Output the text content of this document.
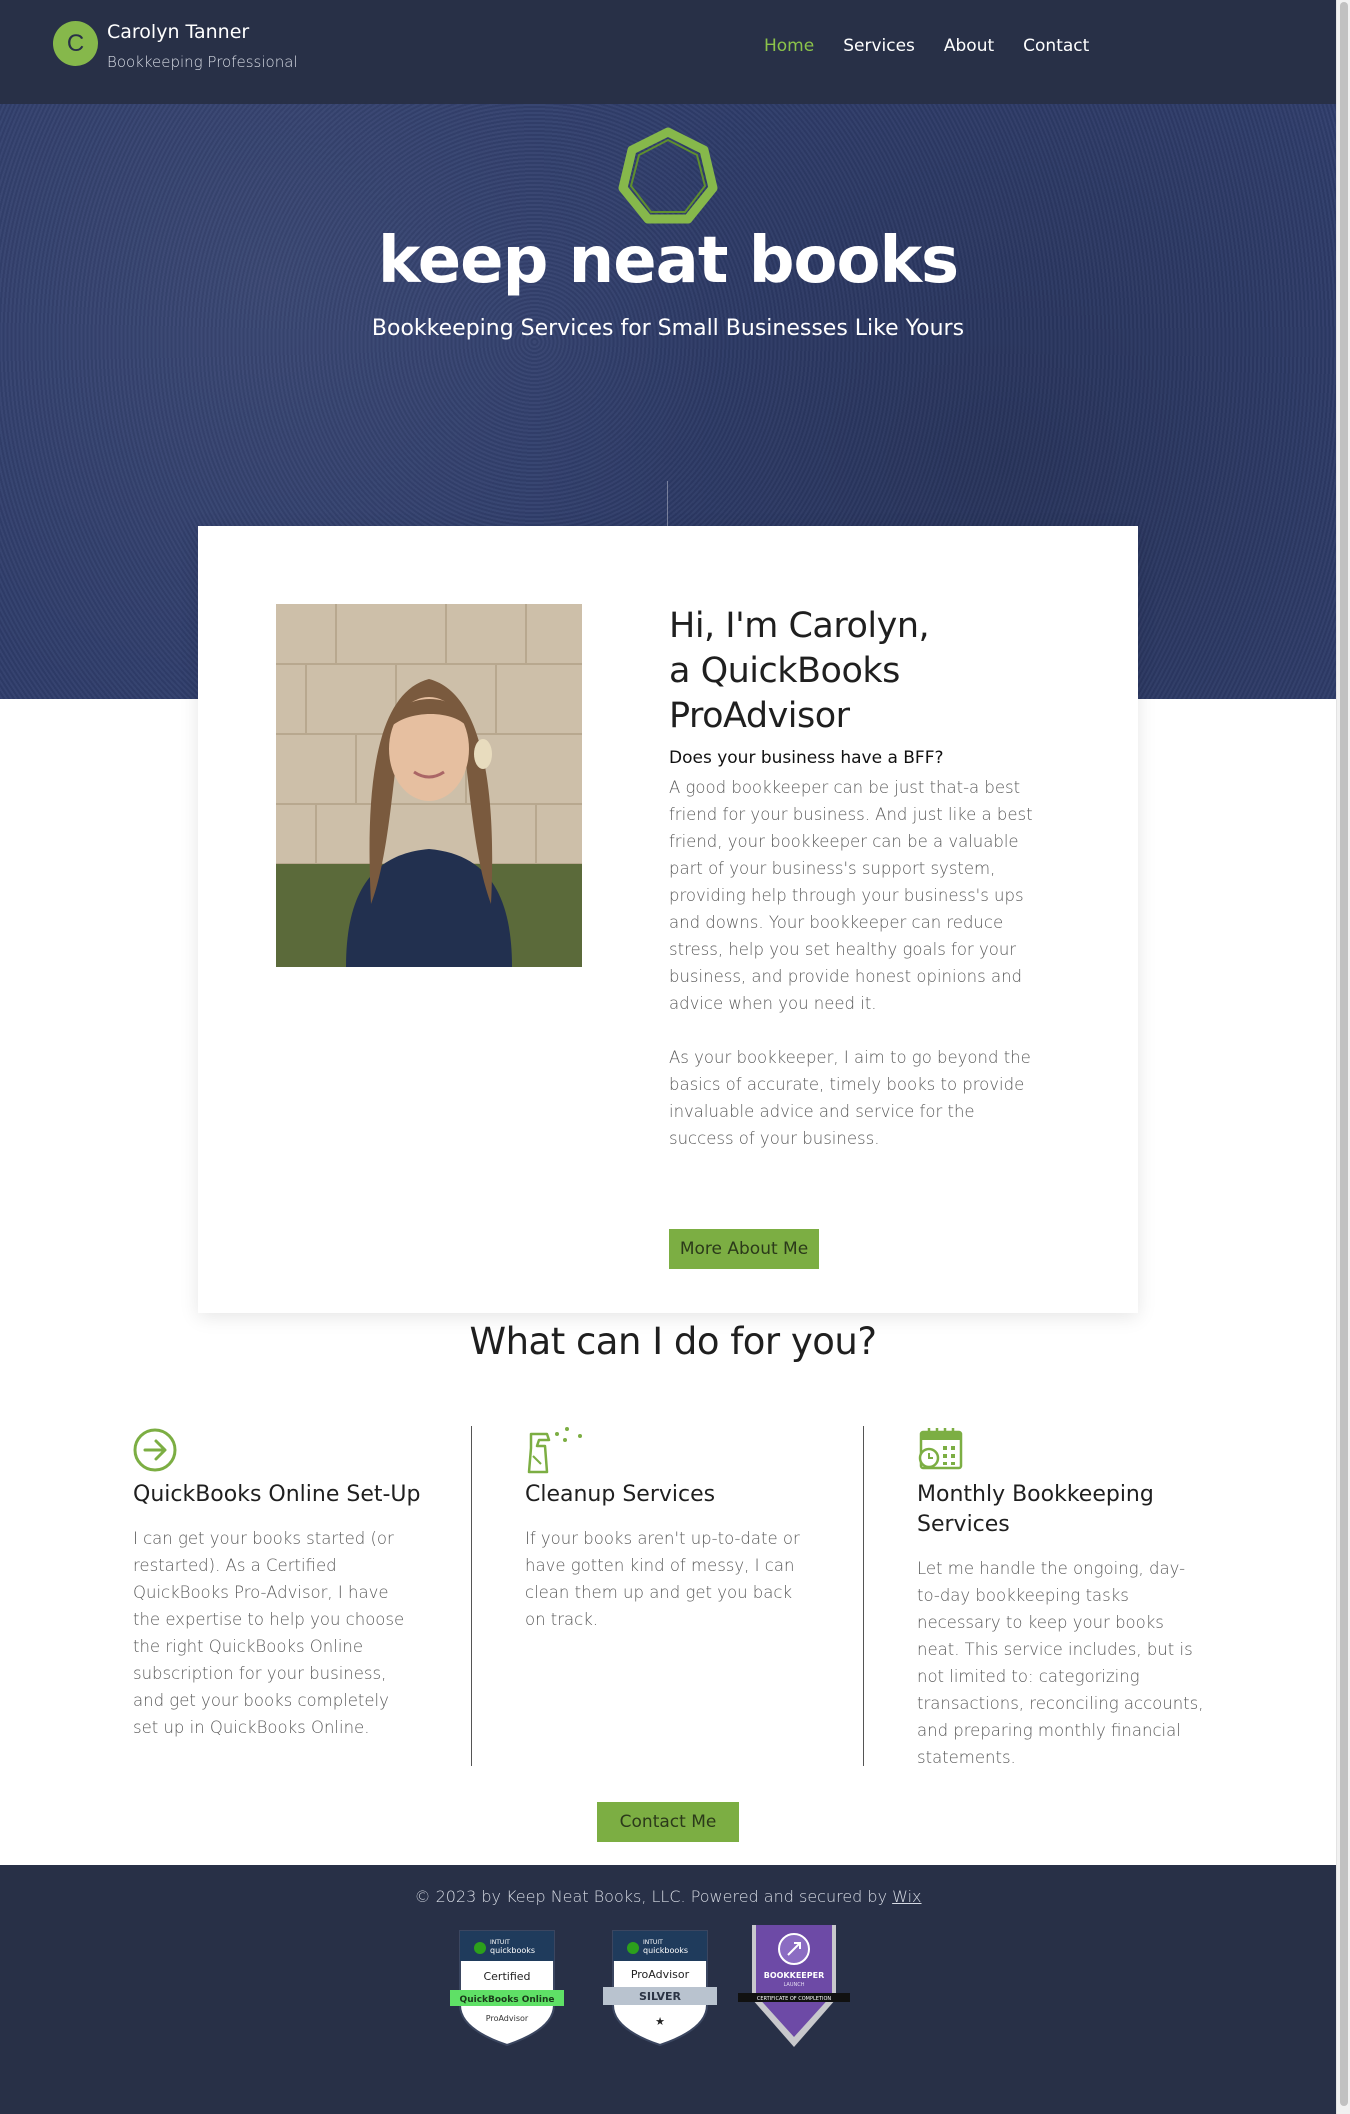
C	Carolyn Tanner
Bookkeeping Professional
Home Services About Contact
keep neat books
Bookkeeping Services for Small Businesses Like Yours
Hi, I'm Carolyn,
a QuickBooks ProAdvisor
Does your business have a BFF?

A good bookkeeper can be just that-a best friend for your business. And just like a best friend, your bookkeeper can be a valuable part of your business's support system, providing help through your business's ups and downs. Your bookkeeper can reduce stress, help you set healthy goals for your business, and provide honest opinions and advice when you need it.

As your bookkeeper, I aim to go beyond the basics of accurate, timely books to provide invaluable advice and service for the success of your business.

More About Me
What can I do for you?
QuickBooks Online Set-Up
I can get your books started (or restarted). As a Certified QuickBooks Pro-Advisor, I have the expertise to help you choose the right QuickBooks Online subscription for your business, and get your books completely set up in QuickBooks Online.
Cleanup Services
If your books aren't up-to-date or have gotten kind of messy, I can clean them up and get you back on track.
Monthly Bookkeeping Services
Let me handle the ongoing, day-to-day bookkeeping tasks necessary to keep your books neat. This service includes, but is not limited to: categorizing transactions, reconciling accounts, and preparing monthly financial statements.
Contact Me
© 2023 by Keep Neat Books, LLC. Powered and secured by Wix
INTUIT
quickbooks
Certified
QuickBooks Online
ProAdvisor
INTUIT
quickbooks
ProAdvisor
SILVER
★
BOOKKEEPER
LAUNCH
CERTIFICATE OF COMPLETION
